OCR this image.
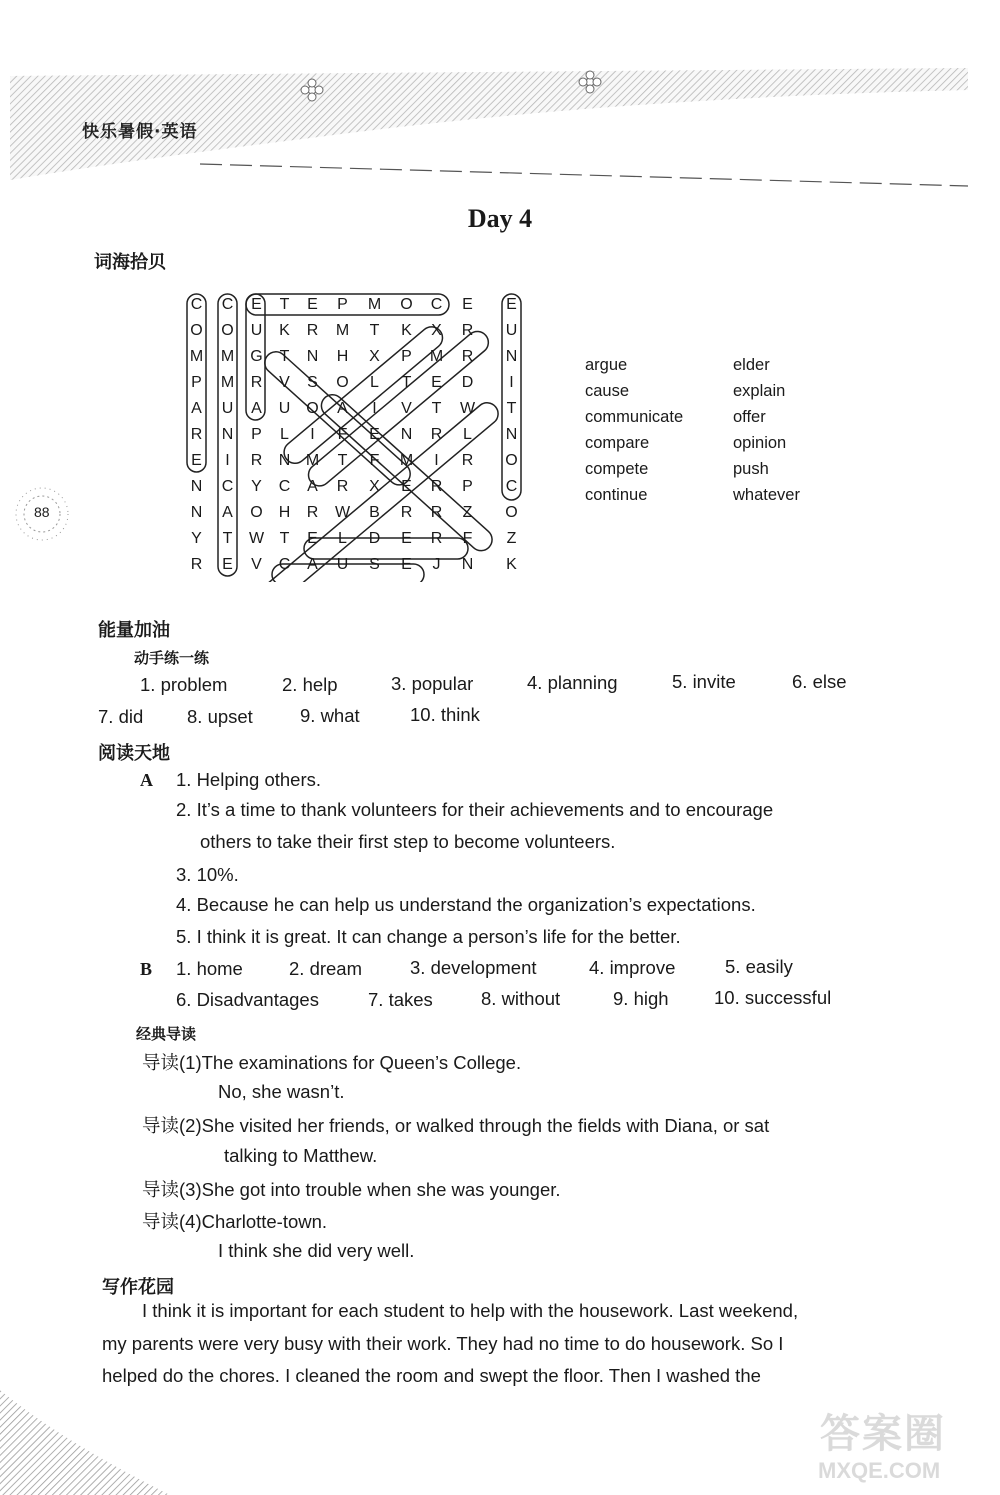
快乐暑假·英语
Day 4
词海拾贝
88
C	C	E	T	E	P	M	O	C	E	E
O	O	U	K	R	M	T	K	X	R	U
M	M	G	T	N	H	X	P	M	R	N
P	M	R	V	S	O	L	T	E	D	I
A	U	A	U O	A	I	V	T	W	T
R	N	P	L	I	F	E	N	R	L	N
E	I	R	N M	T	F	M	I	R	O
N	C	Y	C	A	R	X	E	R	P	C
N	A	O	H	R	W	B	R	R	Z	O
Y	T	W T	E	L	D	E	R	F	Z
R	E	V	C	A	U	S	E	J	N	K
argue
cause
communicate
compare
compete
continue
elder
explain
offer
opinion
push
whatever
能量加油
动手练一练
1. problem	2. help	3. popular	4. planning	5. invite	6. else
7. did 8. upset	9. what	10. think
阅读天地
A 1. Helping others.
2. It’s a time to thank volunteers for their achievements and to encourage
others to take their first step to become volunteers.
3. 10%.
4. Because he can help us understand the organization’s expectations.
5. I think it is great. It can change a person’s life for the better.
B 1. home 2. dream	3. development	4. improve	5. easily
6. Disadvantages	7. takes	8. without	9. high 10. successful
经典导读
导读(1)The examinations for Queen’s College.
No, she wasn’t.
导读(2)She visited her friends, or walked through the fields with Diana, or sat
talking to Matthew.
导读(3)She got into trouble when she was younger.
导读(4)Charlotte-town.
I think she did very well.
写作花园
I think it is important for each student to help with the housework. Last weekend,
my parents were very busy with their work. They had no time to do housework. So I
helped do the chores. I cleaned the room and swept the floor. Then I washed the
答案圈
MXQE.COM
